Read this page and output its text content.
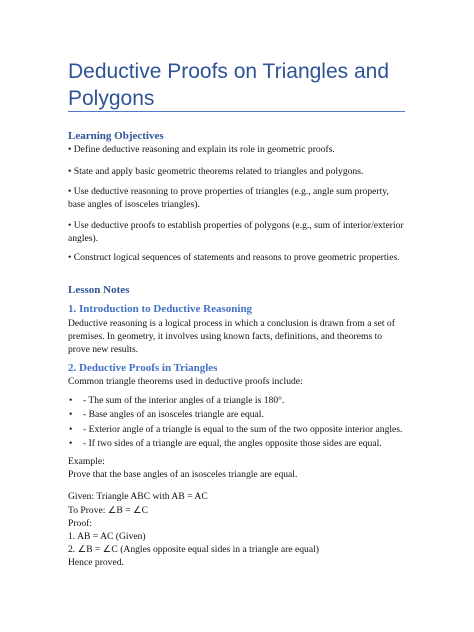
Deductive Proofs on Triangles and Polygons
Learning Objectives
• Define deductive reasoning and explain its role in geometric proofs.
• State and apply basic geometric theorems related to triangles and polygons.
• Use deductive reasoning to prove properties of triangles (e.g., angle sum property, base angles of isosceles triangles).
• Use deductive proofs to establish properties of polygons (e.g., sum of interior/exterior angles).
• Construct logical sequences of statements and reasons to prove geometric properties.
Lesson Notes
1. Introduction to Deductive Reasoning
Deductive reasoning is a logical process in which a conclusion is drawn from a set of premises. In geometry, it involves using known facts, definitions, and theorems to prove new results.
2. Deductive Proofs in Triangles
Common triangle theorems used in deductive proofs include:
• - The sum of the interior angles of a triangle is 180°.
• - Base angles of an isosceles triangle are equal.
• - Exterior angle of a triangle is equal to the sum of the two opposite interior angles.
• - If two sides of a triangle are equal, the angles opposite those sides are equal.
Example:
Prove that the base angles of an isosceles triangle are equal.
Given: Triangle ABC with AB = AC
To Prove: ∠B = ∠C
Proof:
1. AB = AC (Given)
2. ∠B = ∠C (Angles opposite equal sides in a triangle are equal)
Hence proved.
